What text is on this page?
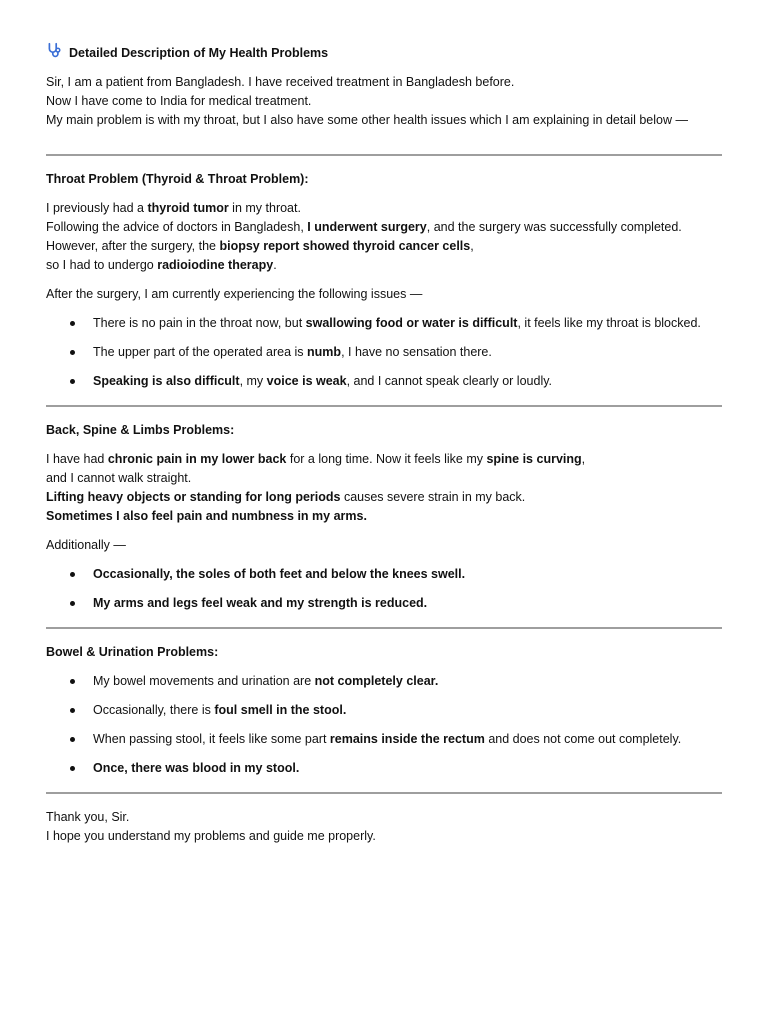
Detailed Description of My Health Problems
Sir, I am a patient from Bangladesh. I have received treatment in Bangladesh before.
Now I have come to India for medical treatment.
My main problem is with my throat, but I also have some other health issues which I am explaining in detail below —
Throat Problem (Thyroid & Throat Problem):
I previously had a thyroid tumor in my throat.
Following the advice of doctors in Bangladesh, I underwent surgery, and the surgery was successfully completed.
However, after the surgery, the biopsy report showed thyroid cancer cells,
so I had to undergo radioiodine therapy.
After the surgery, I am currently experiencing the following issues —
There is no pain in the throat now, but swallowing food or water is difficult, it feels like my throat is blocked.
The upper part of the operated area is numb, I have no sensation there.
Speaking is also difficult, my voice is weak, and I cannot speak clearly or loudly.
Back, Spine & Limbs Problems:
I have had chronic pain in my lower back for a long time. Now it feels like my spine is curving,
and I cannot walk straight.
Lifting heavy objects or standing for long periods causes severe strain in my back.
Sometimes I also feel pain and numbness in my arms.
Additionally —
Occasionally, the soles of both feet and below the knees swell.
My arms and legs feel weak and my strength is reduced.
Bowel & Urination Problems:
My bowel movements and urination are not completely clear.
Occasionally, there is foul smell in the stool.
When passing stool, it feels like some part remains inside the rectum and does not come out completely.
Once, there was blood in my stool.
Thank you, Sir.
I hope you understand my problems and guide me properly.
